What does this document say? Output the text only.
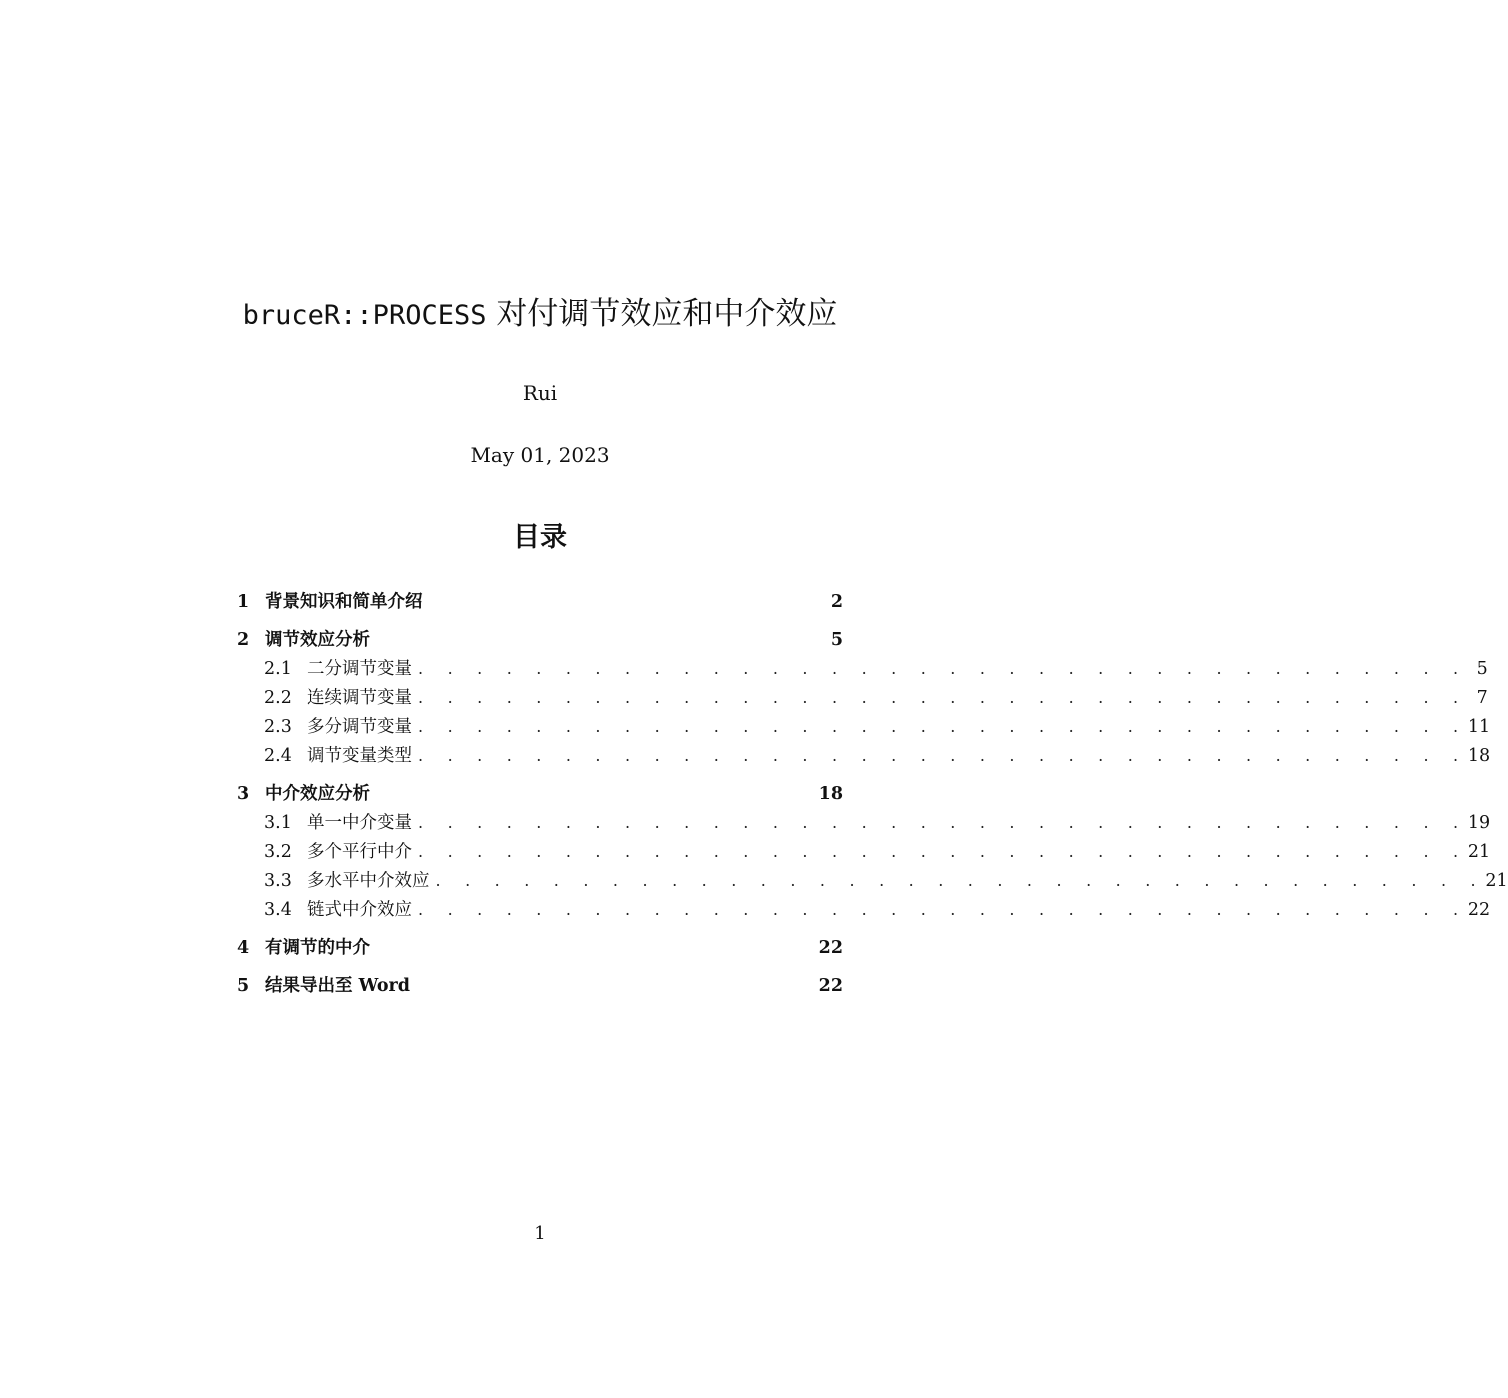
bruceR::PROCESS 对付调节效应和中介效应
Rui
May 01, 2023
目录
1 背景知识和简单介绍	2
2 调节效应分析	5
2.1 二分调节变量 . . . . . . . . . . . . . . . . . . . . . . . . . . . . . . . . . . . . 5
2.2 连续调节变量 . . . . . . . . . . . . . . . . . . . . . . . . . . . . . . . . . . . . 7
2.3 多分调节变量 . . . . . . . . . . . . . . . . . . . . . . . . . . . . . . . . . . . . 11
2.4 调节变量类型 . . . . . . . . . . . . . . . . . . . . . . . . . . . . . . . . . . . . 18
3 中介效应分析	18
3.1 单一中介变量 . . . . . . . . . . . . . . . . . . . . . . . . . . . . . . . . . . . . 19
3.2 多个平行中介 . . . . . . . . . . . . . . . . . . . . . . . . . . . . . . . . . . . . 21
3.3 多水平中介效应 . . . . . . . . . . . . . . . . . . . . . . . . . . . . . . . . . . . . 21
3.4 链式中介效应 . . . . . . . . . . . . . . . . . . . . . . . . . . . . . . . . . . . . 22
4 有调节的中介	22
5 结果导出至 Word	22
1
